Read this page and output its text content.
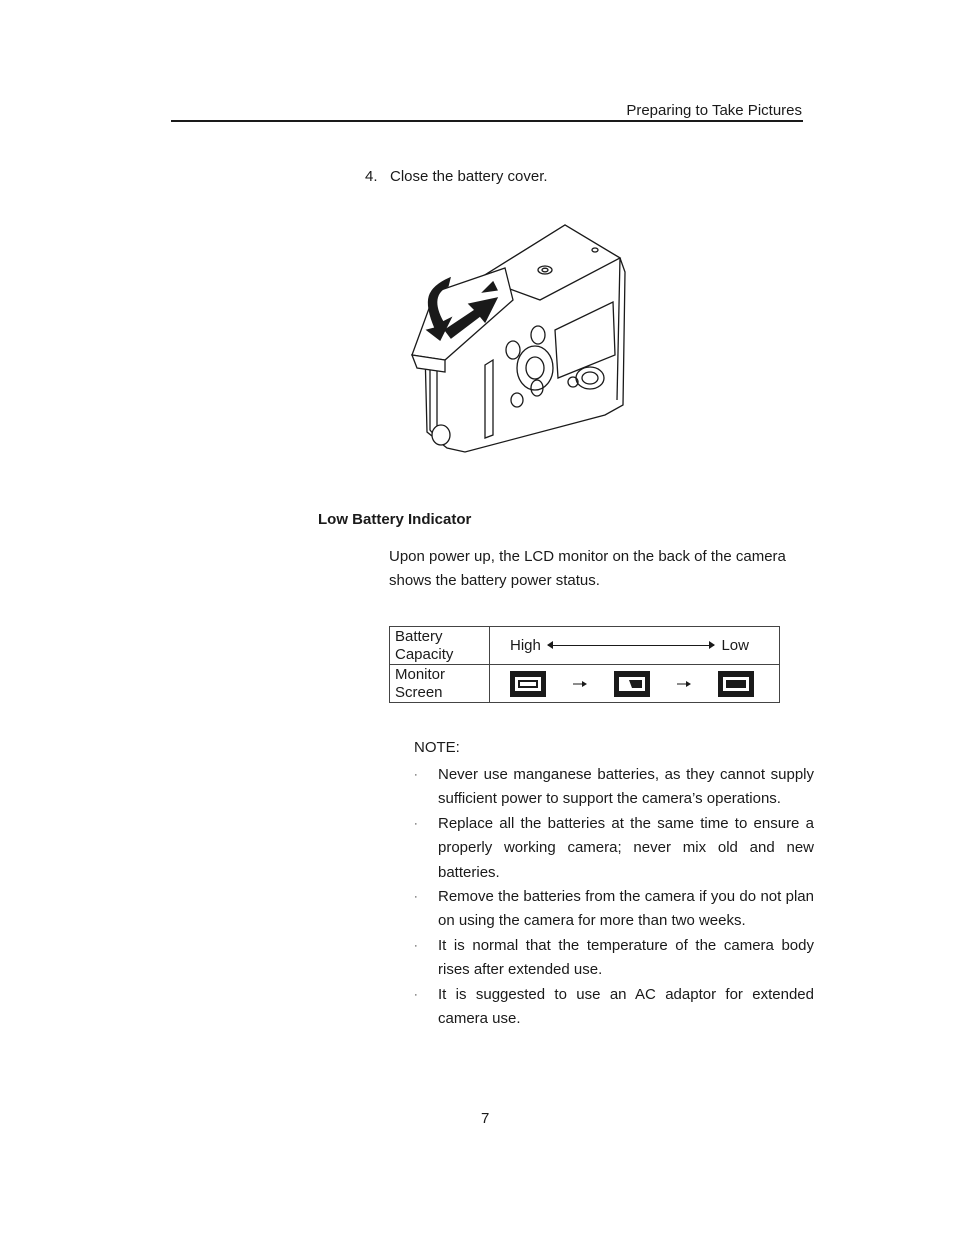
Preparing to Take Pictures
4. Close the battery cover.
Low Battery Indicator
Upon power up, the LCD monitor on the back of the camera shows the battery power status.
Battery Capacity	High Low

Monitor Screen	
NOTE:
· Never use manganese batteries, as they cannot supply sufficient power to support the camera’s operations.
· Replace all the batteries at the same time to ensure a properly working camera; never mix old and new batteries.
· Remove the batteries from the camera if you do not plan on using the camera for more than two weeks.
· It is normal that the temperature of the camera body rises after extended use.
· It is suggested to use an AC adaptor for extended camera use.
7
